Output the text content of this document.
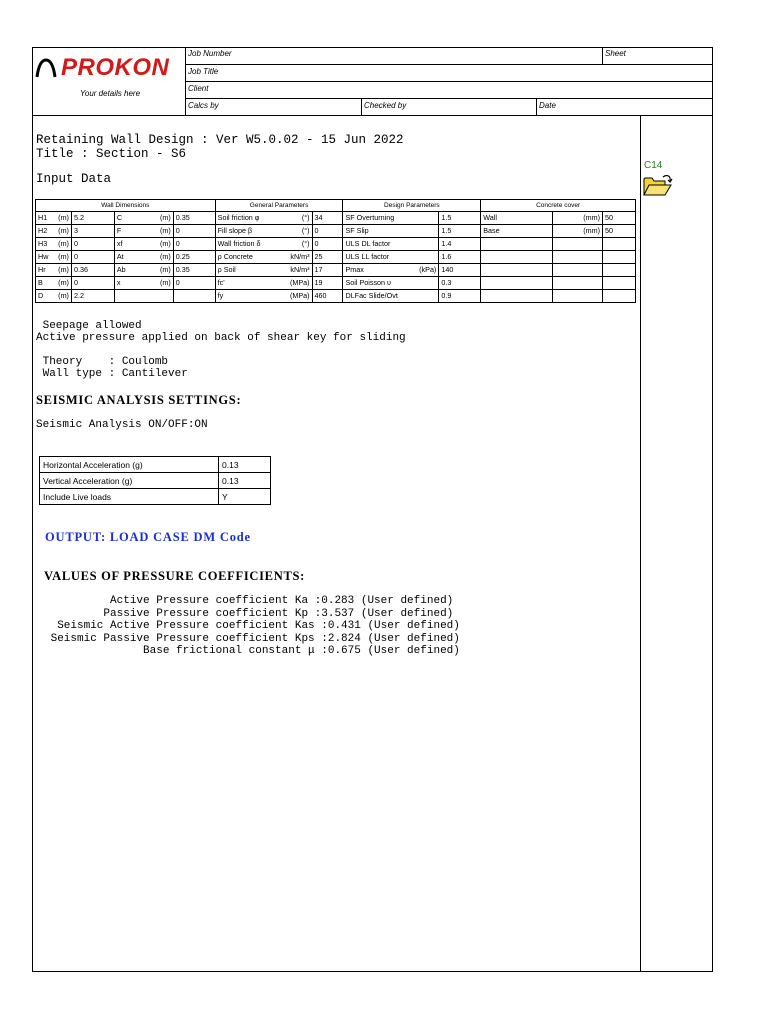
PROKON
Your details here
Job Number	Sheet
Job Title
Client
Calcs by	Checked by	Date
Retaining Wall Design : Ver W5.0.02 - 15 Jun 2022
Title : Section - S6
Input Data
C14
Wall Dimensions				General Parameters		Design Parameters		Concrete cover		

H1 (m)	5.2	C (m)	0.35	Soil friction φ (°)	34	SF Overturning	1.5	Wall	(mm)	50

H2 (m)	3	F (m)	0	Fill slope β (°)	0	SF Slip	1.5	Base	(mm)	50

H3 (m)	0	xf (m)	0	Wall friction δ (°)	0	ULS DL factor	1.4		

Hw (m)	0	At (m)	0.25	ρ Concrete kN/m³	25	ULS LL factor	1.6		

Hr (m)	0.36	Ab (m)	0.35	ρ Soil kN/m³	17	Pmax (kPa)	140		

B (m)	0	x (m)	0	fc' (MPa)	19	Soil Poisson υ	0.3		

D (m)	2.2			fy (MPa)	460	DLFac Slide/Ovt	0.9		

Seepage allowed
Active pressure applied on back of shear key for sliding
Theory    : Coulomb
Wall type : Cantilever
SEISMIC ANALYSIS SETTINGS:
Seismic Analysis ON/OFF:ON
Horizontal Acceleration (g)	0.13
Vertical Acceleration (g)	0.13
Include Live loads	Y
OUTPUT: LOAD CASE DM Code
VALUES OF PRESSURE COEFFICIENTS:
Active Pressure coefficient Ka :0.283 (User defined)
Passive Pressure coefficient Kp :3.537 (User defined)
Seismic Active Pressure coefficient Kas :0.431 (User defined)
Seismic Passive Pressure coefficient Kps :2.824 (User defined)
Base frictional constant μ :0.675 (User defined)
